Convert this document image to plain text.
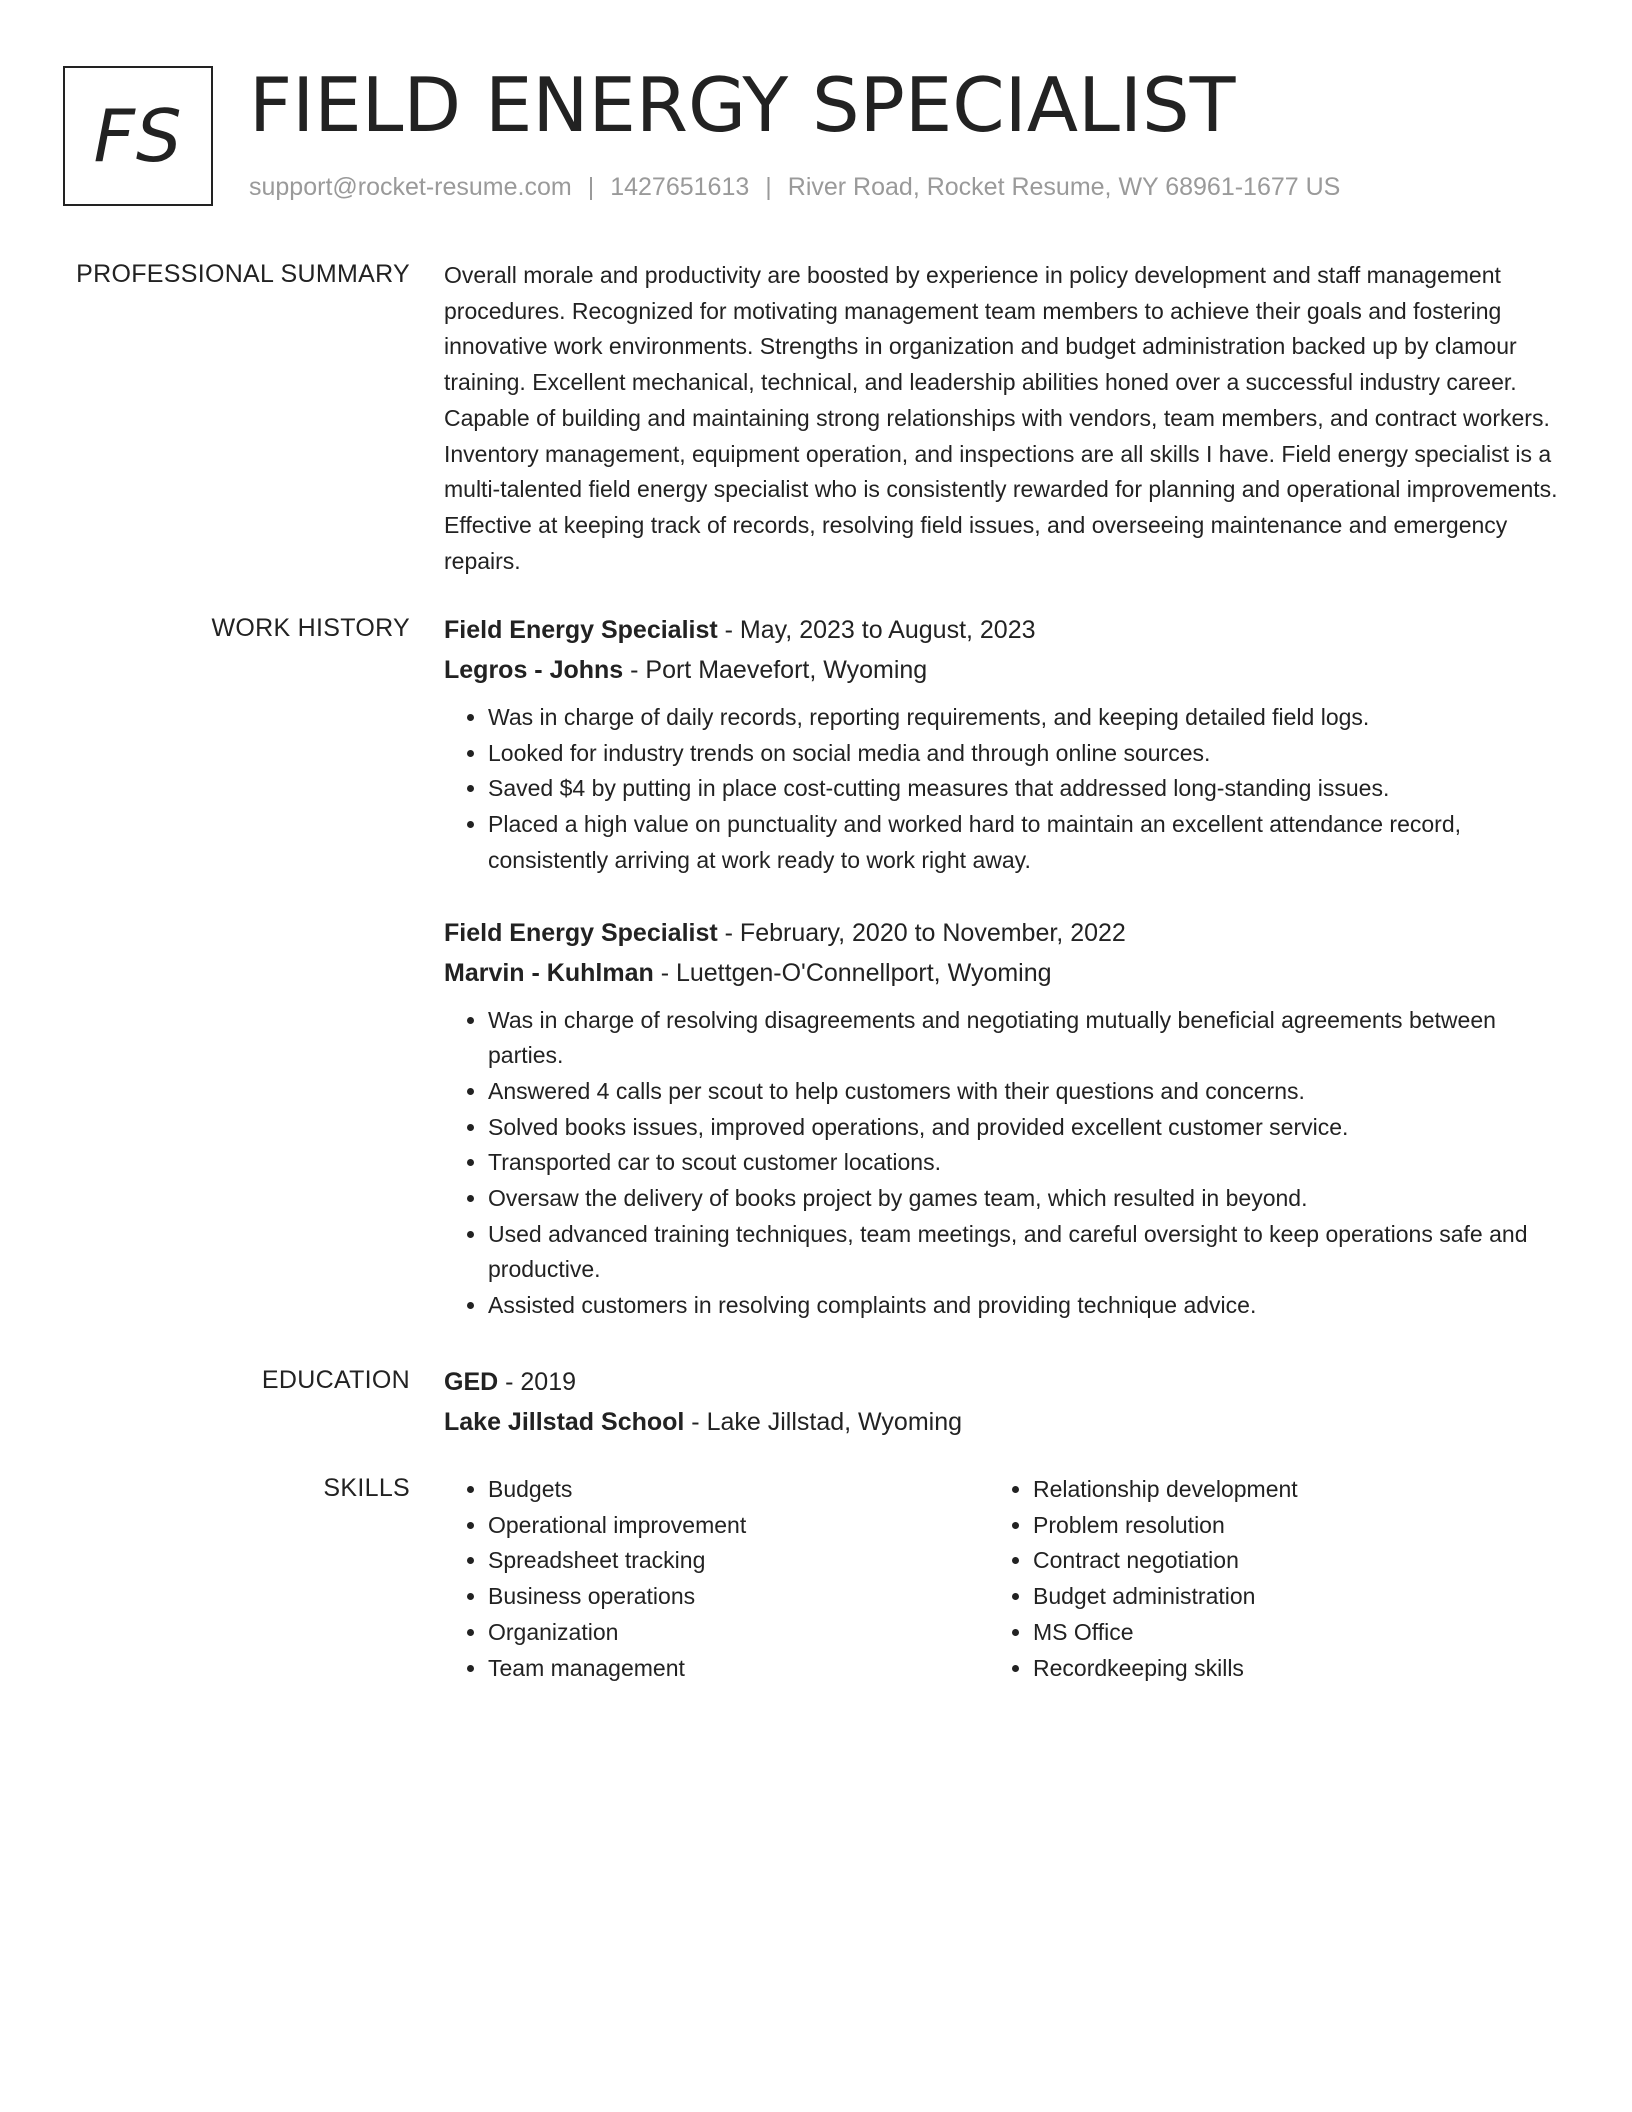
FS FIELD ENERGY SPECIALIST
support@rocket-resume.com | 1427651613 | River Road, Rocket Resume, WY 68961-1677 US
PROFESSIONAL SUMMARY Overall morale and productivity are boosted by experience in policy development and staff management procedures. Recognized for motivating management team members to achieve their goals and fostering innovative work environments. Strengths in organization and budget administration backed up by clamour training. Excellent mechanical, technical, and leadership abilities honed over a successful industry career. Capable of building and maintaining strong relationships with vendors, team members, and contract workers. Inventory management, equipment operation, and inspections are all skills I have. Field energy specialist is a multi-talented field energy specialist who is consistently rewarded for planning and operational improvements. Effective at keeping track of records, resolving field issues, and overseeing maintenance and emergency repairs.

WORK HISTORY Field Energy Specialist - May, 2023 to August, 2023

Legros - Johns - Port Maevefort, Wyoming

• Was in charge of daily records, reporting requirements, and keeping detailed field logs.
• Looked for industry trends on social media and through online sources.
• Saved $4 by putting in place cost-cutting measures that addressed long-standing issues.
• Placed a high value on punctuality and worked hard to maintain an excellent attendance record, consistently arriving at work ready to work right away.

Field Energy Specialist - February, 2020 to November, 2022

Marvin - Kuhlman - Luettgen-O'Connellport, Wyoming

• Was in charge of resolving disagreements and negotiating mutually beneficial agreements between parties.
• Answered 4 calls per scout to help customers with their questions and concerns.
• Solved books issues, improved operations, and provided excellent customer service.
• Transported car to scout customer locations.
• Oversaw the delivery of books project by games team, which resulted in beyond.
• Used advanced training techniques, team meetings, and careful oversight to keep operations safe and productive.
• Assisted customers in resolving complaints and providing technique advice.
EDUCATION GED - 2019

Lake Jillstad School - Lake Jillstad, Wyoming

SKILLS
•	Budgets
• Operational improvement
• Spreadsheet tracking
• Business operations
• Organization
• Team management
• Relationship development
• Problem resolution
• Contract negotiation
• Budget administration
• MS Office
• Recordkeeping skills
